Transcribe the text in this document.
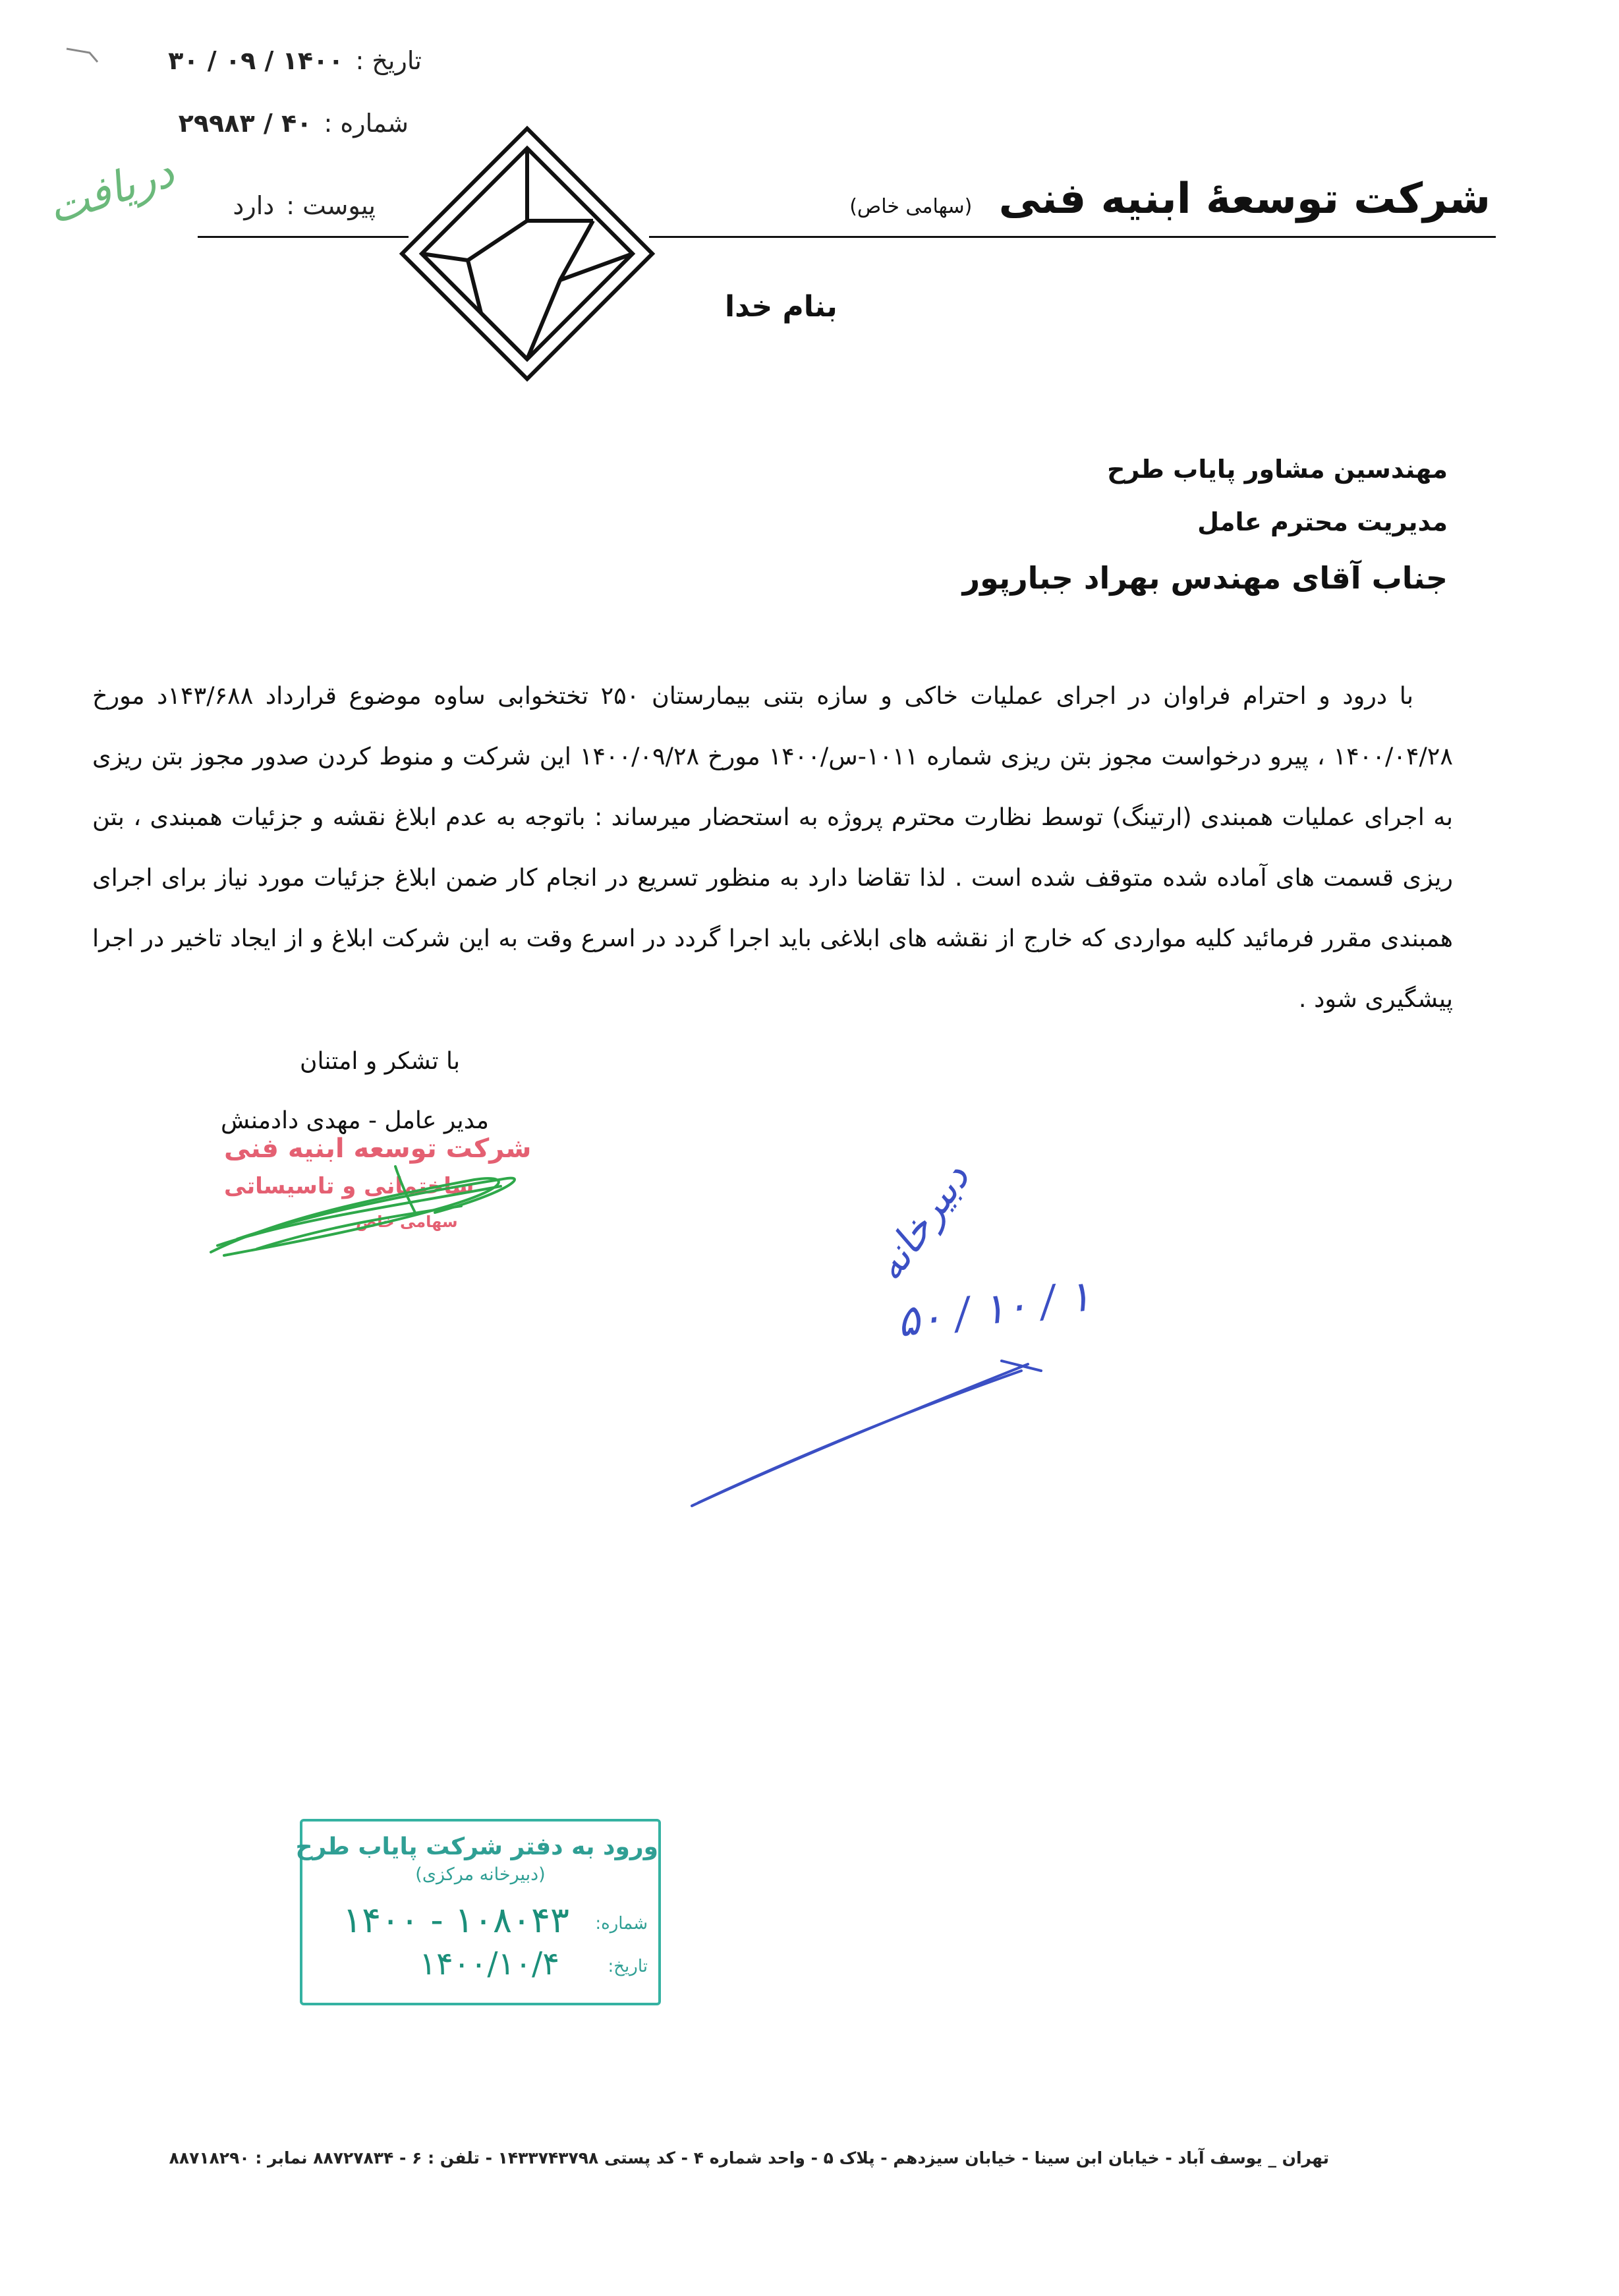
تاریخ : ۱۴۰۰ / ۰۹ / ۳۰
شماره : ۴۰ / ۲۹۹۸۳
پیوست : دارد
دریافت	شرکت توسعهٔ ابنیه فنی (سهامی خاص)
بنام خدا
مهندسین مشاور پایاب طرح
مدیریت محترم عامل
جناب آقای مهندس بهراد جبارپور
با درود و احترام فراوان در اجرای عملیات خاکی و سازه بتنی بیمارستان ۲۵۰ تختخوابی ساوه موضوع قرارداد ۱۴۳/۶۸۸د مورخ ۱۴۰۰/۰۴/۲۸ ، پیرو درخواست مجوز بتن ریزی شماره ۱۰۱۱-س/۱۴۰۰ مورخ ۱۴۰۰/۰۹/۲۸ این شرکت و منوط کردن صدور مجوز بتن ریزی به اجرای عملیات همبندی (ارتینگ) توسط نظارت محترم پروژه به استحضار میرساند : باتوجه به عدم ابلاغ نقشه و جزئیات همبندی ، بتن ریزی قسمت های آماده شده متوقف شده است . لذا تقاضا دارد به منظور تسریع در انجام کار ضمن ابلاغ جزئیات مورد نیاز برای اجرای همبندی مقرر فرمائید کلیه مواردی که خارج از نقشه های ابلاغی باید اجرا گردد در اسرع وقت به این شرکت ابلاغ و از ایجاد تاخیر در اجرا پیشگیری شود .
با تشکر و امتنان
مدیر عامل - مهدی دادمنش
شرکت توسعه ابنیه فنی
ساختمانی و تاسیساتی
سهامی خاص	دبیرخانه
۵۰ / ۱۰ / ۱
ورود به دفتر شرکت پایاب طرح
(دبیرخانه مرکزی)
شماره:
تاریخ:
۱۰۸۰۴۳ - ۱۴۰۰
۱۴۰۰/۱۰/۴
تهران _ یوسف آباد - خیابان ابن سینا - خیابان سیزدهم - پلاک ۵ - واحد شماره ۴ - کد پستی ۱۴۳۳۷۴۳۷۹۸ - تلفن : ۶ - ۸۸۷۲۷۸۳۴ نمابر : ۸۸۷۱۸۲۹۰
